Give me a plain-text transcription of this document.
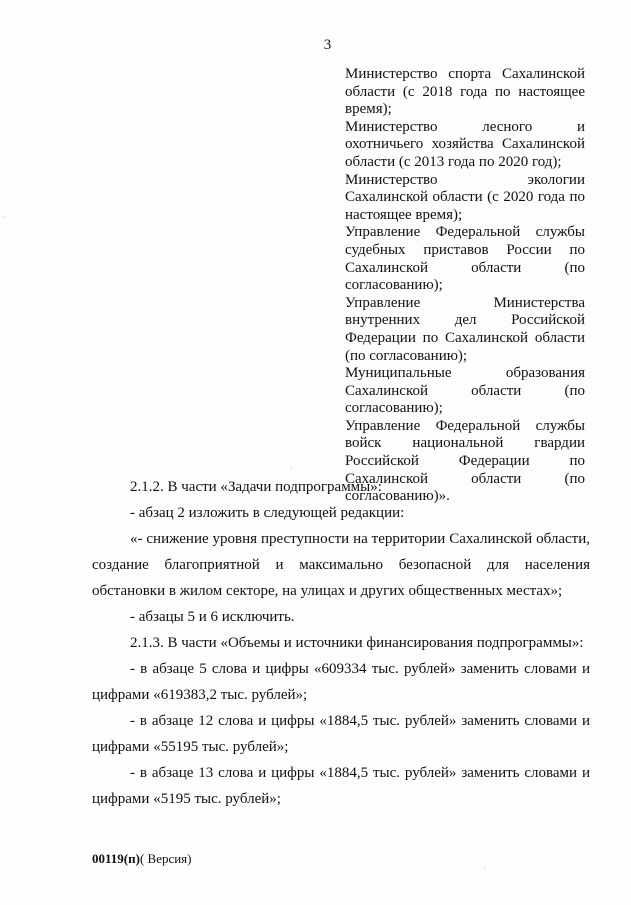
3
Министерство спорта Сахалинской области (с 2018 года по настоящее время);
Министерство лесного и охотничьего хозяйства Сахалинской области (с 2013 года по 2020 год);
Министерство экологии Сахалинской области (с 2020 года по настоящее время);
Управление Федеральной службы судебных приставов России по Сахалинской области (по согласованию);
Управление Министерства внутренних дел Российской Федерации по Сахалинской области (по согласованию);
Муниципальные образования Сахалинской области (по согласованию);
Управление Федеральной службы войск национальной гвардии Российской Федерации по Сахалинской области (по согласованию)».

2.1.2. В части «Задачи подпрограммы»:

- абзац 2 изложить в следующей редакции:

«- снижение уровня преступности на территории Сахалинской области, создание благоприятной и максимально безопасной для населения обстановки в жилом секторе, на улицах и других общественных местах»;

- абзацы 5 и 6 исключить.

2.1.3. В части «Объемы и источники финансирования подпрограммы»:

- в абзаце 5 слова и цифры «609334 тыс. рублей» заменить словами и цифрами «619383,2 тыс. рублей»;

- в абзаце 12 слова и цифры «1884,5 тыс. рублей» заменить словами и цифрами «55195 тыс. рублей»;

- в абзаце 13 слова и цифры «1884,5 тыс. рублей» заменить словами и цифрами «5195 тыс. рублей»;

00119(п)( Версия)
·
·
·
